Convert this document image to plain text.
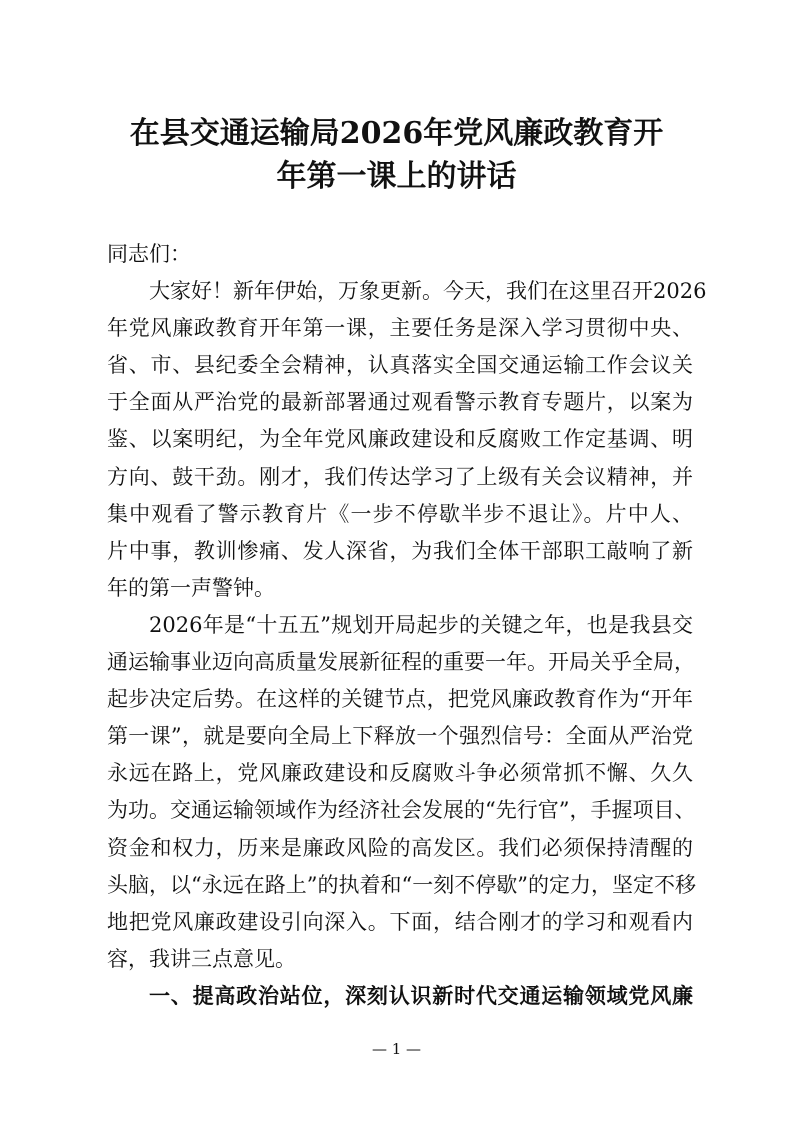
在县交通运输局2026年党风廉政教育开
年第一课上的讲话
同志们：
大家好！新年伊始，万象更新。今天，我们在这里召开2026
年党风廉政教育开年第一课，主要任务是深入学习贯彻中央、
省、市、县纪委全会精神，认真落实全国交通运输工作会议关
于全面从严治党的最新部署通过观看警示教育专题片，以案为
鉴、以案明纪，为全年党风廉政建设和反腐败工作定基调、明
方向、鼓干劲。刚才，我们传达学习了上级有关会议精神，并
集中观看了警示教育片《一步不停歇半步不退让》。片中人、
片中事，教训惨痛、发人深省，为我们全体干部职工敲响了新
年的第一声警钟。
2026年是“十五五”规划开局起步的关键之年，也是我县交
通运输事业迈向高质量发展新征程的重要一年。开局关乎全局，
起步决定后势。在这样的关键节点，把党风廉政教育作为“开年
第一课”，就是要向全局上下释放一个强烈信号：全面从严治党
永远在路上，党风廉政建设和反腐败斗争必须常抓不懈、久久
为功。交通运输领域作为经济社会发展的“先行官”，手握项目、
资金和权力，历来是廉政风险的高发区。我们必须保持清醒的
头脑，以“永远在路上”的执着和“一刻不停歇”的定力，坚定不移
地把党风廉政建设引向深入。下面，结合刚才的学习和观看内
容，我讲三点意见。
一、提高政治站位，深刻认识新时代交通运输领域党风廉
— 1 —
